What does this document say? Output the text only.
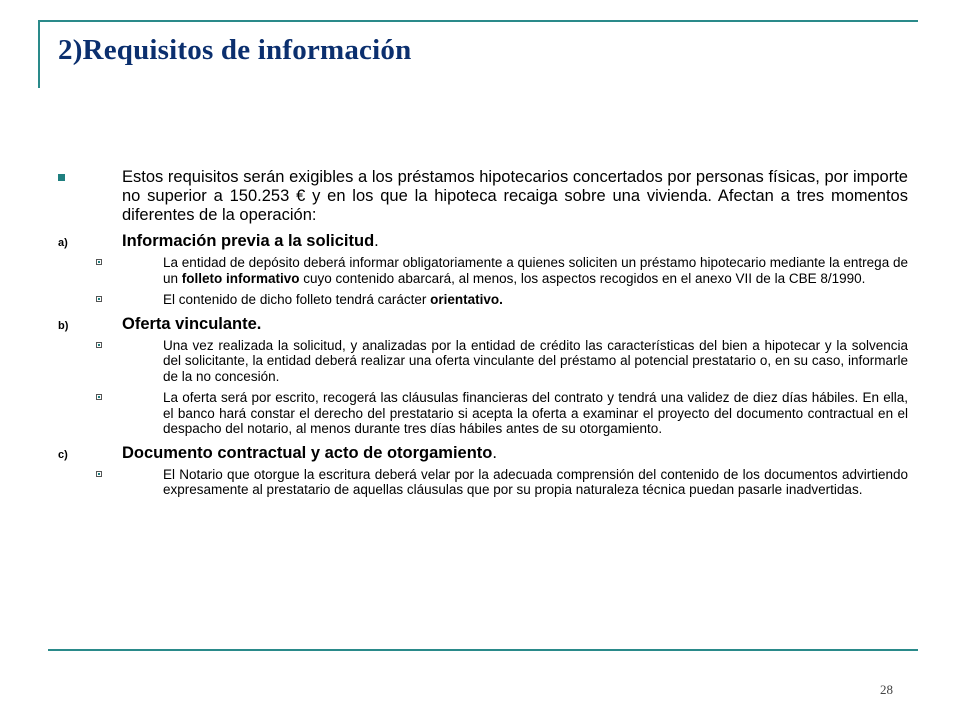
2)Requisitos de información
Estos requisitos serán exigibles a los préstamos hipotecarios concertados por personas físicas, por importe no superior a 150.253 € y en los que la hipoteca recaiga sobre una vivienda. Afectan a tres momentos diferentes de la operación:
a)	Información previa a la solicitud.
La entidad de depósito deberá informar obligatoriamente a quienes soliciten un préstamo hipotecario mediante la entrega de un folleto informativo cuyo contenido abarcará, al menos, los aspectos recogidos en el anexo VII de la CBE 8/1990.
El contenido de dicho folleto tendrá carácter orientativo.
b)	Oferta vinculante.
Una vez realizada la solicitud, y analizadas por la entidad de crédito las características del bien a hipotecar y la solvencia del solicitante, la entidad deberá realizar una oferta vinculante del préstamo al potencial prestatario o, en su caso, informarle de la no concesión.
La oferta será por escrito, recogerá las cláusulas financieras del contrato y tendrá una validez de diez días hábiles. En ella, el banco hará constar el derecho del prestatario si acepta la oferta a examinar el proyecto del documento contractual en el despacho del notario, al menos durante tres días hábiles antes de su otorgamiento.
c)	Documento contractual y acto de otorgamiento.
El Notario que otorgue la escritura deberá velar por la adecuada comprensión del contenido de los documentos advirtiendo expresamente al prestatario de aquellas cláusulas que por su propia naturaleza técnica puedan pasarle inadvertidas.
28
